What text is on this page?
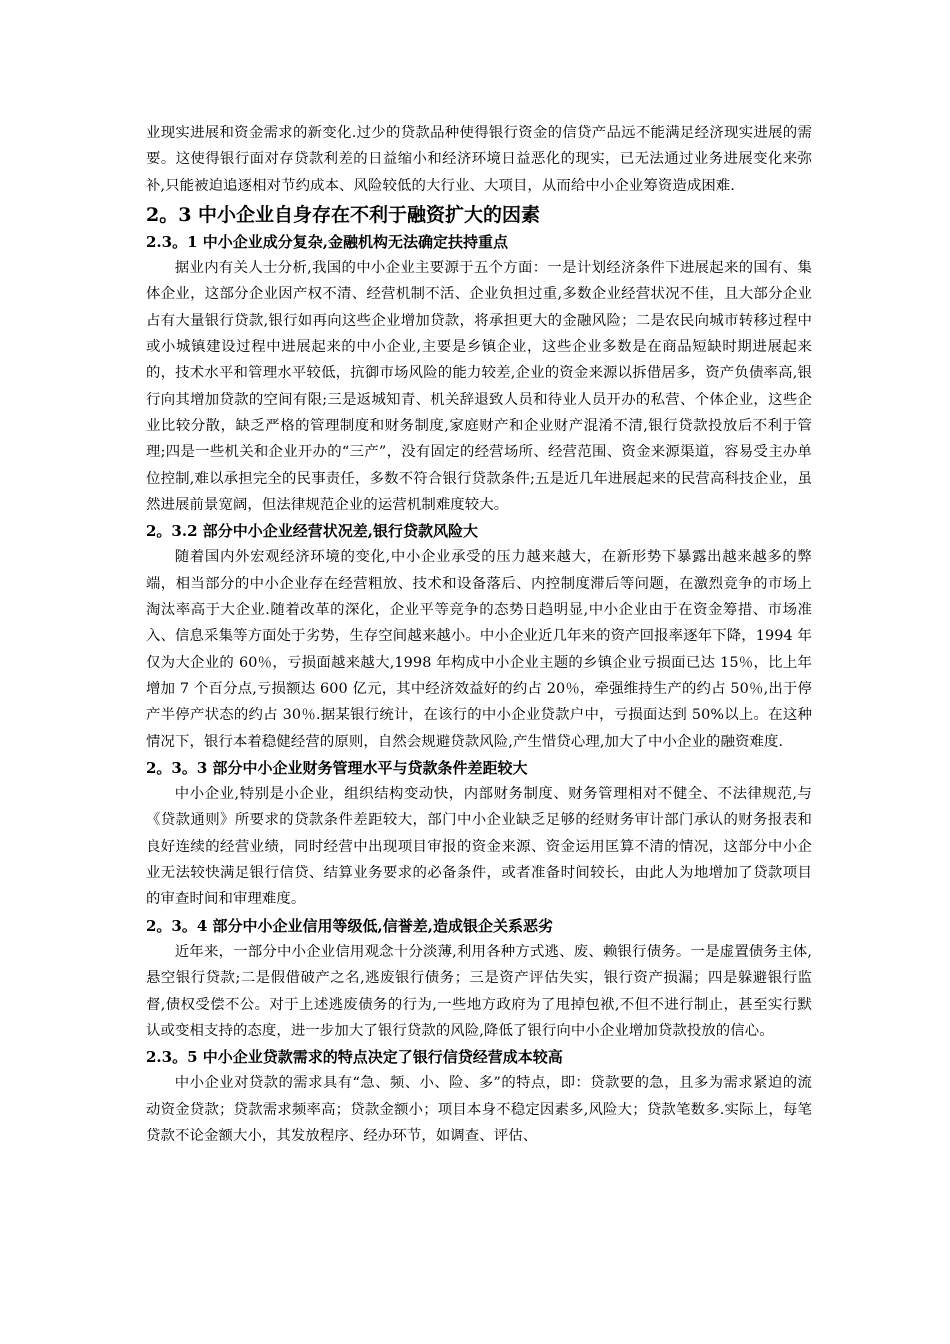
业现实进展和资金需求的新变化.过少的贷款品种使得银行资金的信贷产品远不能满足经济现实进展的需要。这使得银行面对存贷款利差的日益缩小和经济环境日益恶化的现实，已无法通过业务进展变化来弥补,只能被迫追逐相对节约成本、风险较低的大行业、大项目，从而给中小企业筹资造成困难.

2。3 中小企业自身存在不利于融资扩大的因素
2.3。1 中小企业成分复杂,金融机构无法确定扶持重点

据业内有关人士分析,我国的中小企业主要源于五个方面：一是计划经济条件下进展起来的国有、集体企业，这部分企业因产权不清、经营机制不活、企业负担过重,多数企业经营状况不佳，且大部分企业占有大量银行贷款,银行如再向这些企业增加贷款，将承担更大的金融风险；二是农民向城市转移过程中或小城镇建设过程中进展起来的中小企业,主要是乡镇企业，这些企业多数是在商品短缺时期进展起来的，技术水平和管理水平较低，抗御市场风险的能力较差,企业的资金来源以拆借居多，资产负债率高,银行向其增加贷款的空间有限;三是返城知青、机关辞退致人员和待业人员开办的私营、个体企业，这些企业比较分散，缺乏严格的管理制度和财务制度,家庭财产和企业财产混淆不清,银行贷款投放后不利于管理;四是一些机关和企业开办的“三产”，没有固定的经营场所、经营范围、资金来源渠道，容易受主办单位控制,难以承担完全的民事责任，多数不符合银行贷款条件;五是近几年进展起来的民营高科技企业，虽然进展前景宽阔，但法律规范企业的运营机制难度较大。

2。3.2 部分中小企业经营状况差,银行贷款风险大

随着国内外宏观经济环境的变化,中小企业承受的压力越来越大，在新形势下暴露出越来越多的弊端，相当部分的中小企业存在经营粗放、技术和设备落后、内控制度滞后等问题，在激烈竞争的市场上淘汰率高于大企业.随着改革的深化，企业平等竞争的态势日趋明显,中小企业由于在资金筹措、市场准入、信息采集等方面处于劣势，生存空间越来越小。中小企业近几年来的资产回报率逐年下降，1994 年仅为大企业的 60％，亏损面越来越大,1998 年构成中小企业主题的乡镇企业亏损面已达 15％，比上年增加 7 个百分点,亏损额达 600 亿元，其中经济效益好的约占 20％，牵强维持生产的约占 50％,出于停产半停产状态的约占 30％.据某银行统计，在该行的中小企业贷款户中，亏损面达到 50%以上。在这种情况下，银行本着稳健经营的原则，自然会规避贷款风险,产生惜贷心理,加大了中小企业的融资难度.

2。3。3 部分中小企业财务管理水平与贷款条件差距较大

中小企业,特别是小企业，组织结构变动快，内部财务制度、财务管理相对不健全、不法律规范,与《贷款通则》所要求的贷款条件差距较大，部门中小企业缺乏足够的经财务审计部门承认的财务报表和良好连续的经营业绩，同时经营中出现项目审报的资金来源、资金运用匡算不清的情况，这部分中小企业无法较快满足银行信贷、结算业务要求的必备条件，或者准备时间较长，由此人为地增加了贷款项目的审查时间和审理难度。

2。3。4 部分中小企业信用等级低,信誉差,造成银企关系恶劣

近年来，一部分中小企业信用观念十分淡薄,利用各种方式逃、废、赖银行债务。一是虚置债务主体,悬空银行贷款;二是假借破产之名,逃废银行债务；三是资产评估失实，银行资产损漏；四是躲避银行监督,债权受偿不公。对于上述逃废债务的行为,一些地方政府为了甩掉包袱,不但不进行制止，甚至实行默认或变相支持的态度，进一步加大了银行贷款的风险,降低了银行向中小企业增加贷款投放的信心。

2.3。5 中小企业贷款需求的特点决定了银行信贷经营成本较高

中小企业对贷款的需求具有“急、频、小、险、多”的特点，即：贷款要的急，且多为需求紧迫的流动资金贷款；贷款需求频率高；贷款金额小；项目本身不稳定因素多,风险大；贷款笔数多.实际上，每笔贷款不论金额大小，其发放程序、经办环节，如调查、评估、
